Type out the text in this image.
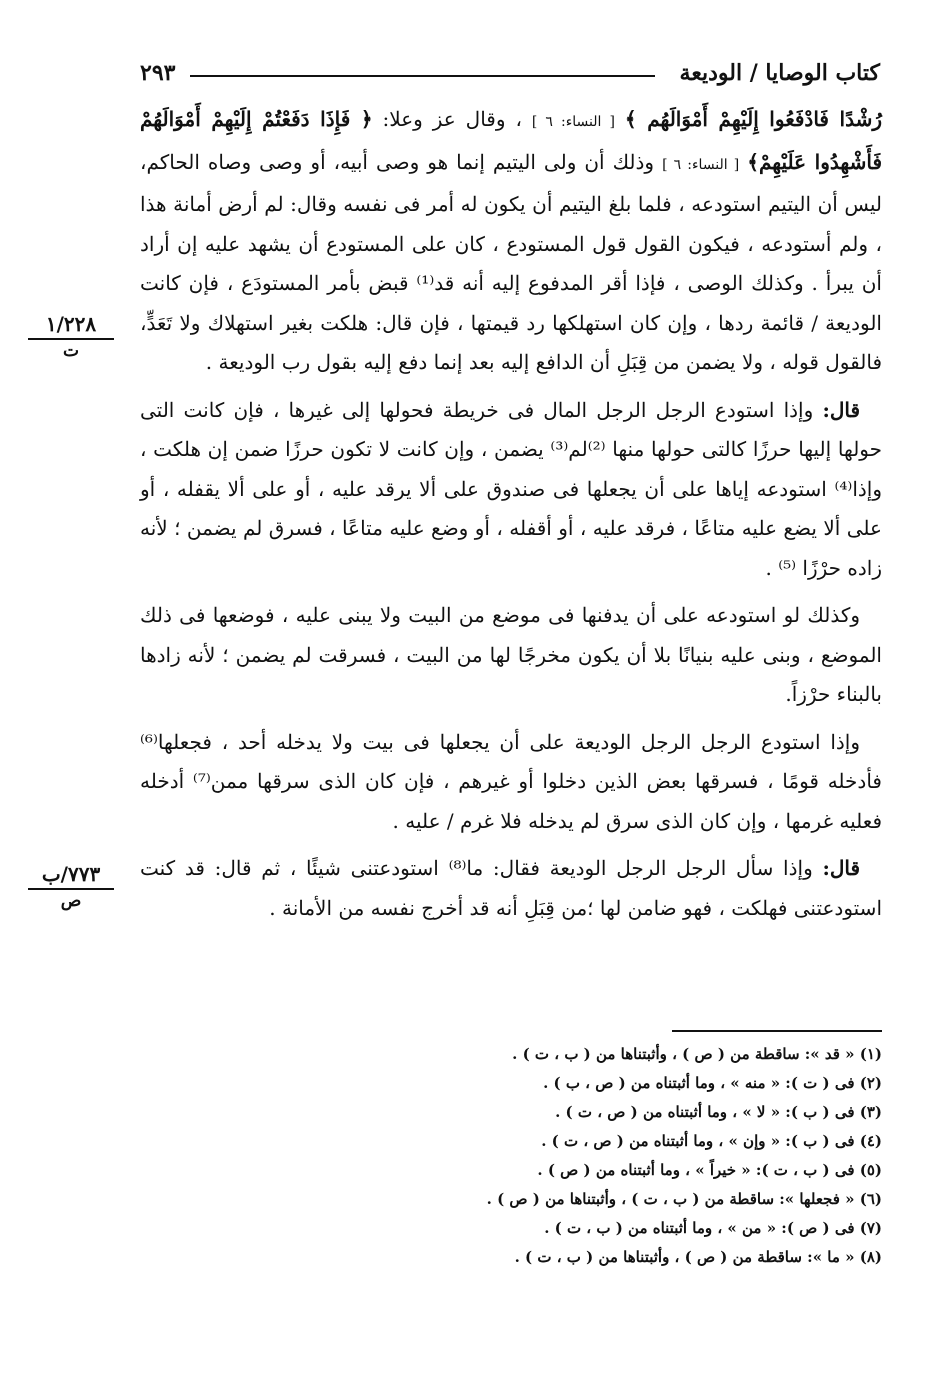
كتاب الوصايا / الوديعة
٢٩٣
١/٢٢٨
ت
٧٧٣/ب
ص

رُشْدًا فَادْفَعُوا إِلَيْهِمْ أَمْوَالَهُم ﴾ [ النساء: ٦ ] ، وقال عز وعلا: ﴿ فَإِذَا دَفَعْتُمْ إِلَيْهِمْ أَمْوَالَهُمْ فَأَشْهِدُوا عَلَيْهِمْ﴾ [ النساء: ٦ ] وذلك أن ولى اليتيم إنما هو وصى أبيه، أو وصى وصاه الحاكم، ليس أن اليتيم استودعه ، فلما بلغ اليتيم أن يكون له أمر فى نفسه وقال: لم أرض أمانة هذا ، ولم أستودعه ، فيكون القول قول المستودع ، كان على المستودع أن يشهد عليه إن أراد أن يبرأ . وكذلك الوصى ، فإذا أقر المدفوع إليه أنه قد⁽¹⁾ قبض بأمر المستودَع ، فإن كانت الوديعة / قائمة ردها ، وإن كان استهلكها رد قيمتها ، فإن قال: هلكت بغير استهلاك ولا تَعَدٍّ، فالقول قوله ، ولا يضمن من قِبَلِ أن الدافع إليه بعد إنما دفع إليه بقول رب الوديعة .

قال: وإذا استودع الرجل الرجل المال فى خريطة فحولها إلى غيرها ، فإن كانت التى حولها إليها حرزًا كالتى حولها منها ⁽²⁾لم⁽³⁾ يضمن ، وإن كانت لا تكون حرزًا ضمن إن هلكت ، وإذا⁽⁴⁾ استودعه إياها على أن يجعلها فى صندوق على ألا يرقد عليه ، أو على ألا يقفله ، أو على ألا يضع عليه متاعًا ، فرقد عليه ، أو أقفله ، أو وضع عليه متاعًا ، فسرق لم يضمن ؛ لأنه زاده حرْزًا ⁽⁵⁾ .

وكذلك لو استودعه على أن يدفنها فى موضع من البيت ولا يبنى عليه ، فوضعها فى ذلك الموضع ، وبنى عليه بنيانًا بلا أن يكون مخرجًا لها من البيت ، فسرقت لم يضمن ؛ لأنه زادها بالبناء حرْزاً.

وإذا استودع الرجل الرجل الوديعة على أن يجعلها فى بيت ولا يدخله أحد ، فجعلها⁽⁶⁾ فأدخله قومًا ، فسرقها بعض الذين دخلوا أو غيرهم ، فإن كان الذى سرقها ممن⁽⁷⁾ أدخله فعليه غرمها ، وإن كان الذى سرق لم يدخله فلا غرم / عليه .

قال: وإذا سأل الرجل الرجل الوديعة فقال: ما⁽⁸⁾ استودعتنى شيئًا ، ثم قال: قد كنت استودعتنى فهلكت ، فهو ضامن لها ؛من قِبَلِ أنه قد أخرج نفسه من الأمانة .

(١) « قد »: ساقطة من ( ص ) ، وأثبتناها من ( ب ، ت ) .
(٢) فى ( ت ): « منه » ، وما أثبتناه من ( ص ، ب ) .
(٣) فى ( ب ): « لا » ، وما أثبتناه من ( ص ، ت ) .
(٤) فى ( ب ): « وإن » ، وما أثبتناه من ( ص ، ت ) .
(٥) فى ( ب ، ت ): « خيراً » ، وما أثبتناه من ( ص ) .
(٦) « فجعلها »: ساقطة من ( ب ، ت ) ، وأثبتناها من ( ص ) .
(٧) فى ( ص ): « من » ، وما أثبتناه من ( ب ، ت ) .
(٨) « ما »: ساقطة من ( ص ) ، وأثبتناها من ( ب ، ت ) .
